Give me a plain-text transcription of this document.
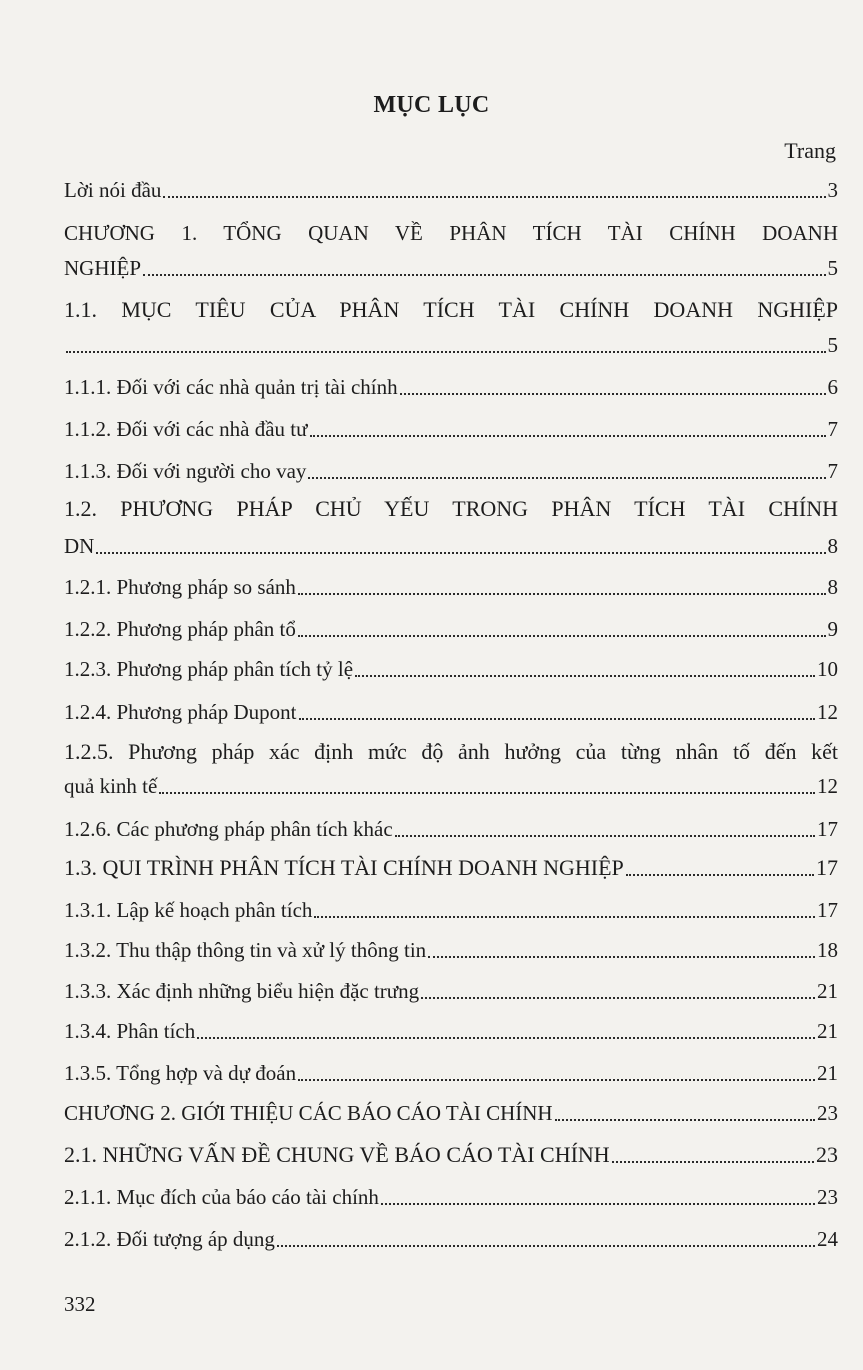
MỤC LỤC
Trang
Lời nói đầu	3
CHƯƠNG 1. TỔNG QUAN VỀ PHÂN TÍCH TÀI CHÍNH DOANH
NGHIỆP	5
1.1. MỤC TIÊU CỦA PHÂN TÍCH TÀI CHÍNH DOANH NGHIỆP
5
1.1.1. Đối với các nhà quản trị tài chính	6
1.1.2. Đối với các nhà đầu tư	7
1.1.3. Đối với người cho vay	7
1.2. PHƯƠNG PHÁP CHỦ YẾU TRONG PHÂN TÍCH TÀI CHÍNH
DN	8
1.2.1. Phương pháp so sánh	8
1.2.2. Phương pháp phân tổ	9
1.2.3. Phương pháp phân tích tỷ lệ	10
1.2.4. Phương pháp Dupont	12
1.2.5. Phương pháp xác định mức độ ảnh hưởng của từng nhân tố đến kết
quả kinh tế	12
1.2.6. Các phương pháp phân tích khác	17
1.3. QUI TRÌNH PHÂN TÍCH TÀI CHÍNH DOANH NGHIỆP	17
1.3.1. Lập kế hoạch phân tích	17
1.3.2. Thu thập thông tin và xử lý thông tin	18
1.3.3. Xác định những biểu hiện đặc trưng	21
1.3.4. Phân tích	21
1.3.5. Tổng hợp và dự đoán	21
CHƯƠNG 2. GIỚI THIỆU CÁC BÁO CÁO TÀI CHÍNH	23
2.1. NHỮNG VẤN ĐỀ CHUNG VỀ BÁO CÁO TÀI CHÍNH	23
2.1.1. Mục đích của báo cáo tài chính	23
2.1.2. Đối tượng áp dụng	24
332
